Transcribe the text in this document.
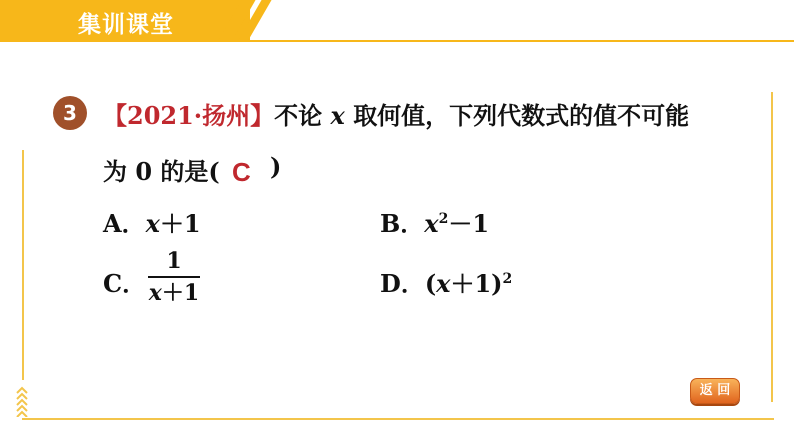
集训课堂
3	【2021·扬州】不论 x 取何值，下列代数式的值不可能
为 0 的是( C )
A．x＋1	B．$x^2-1$
C．
1
x＋1	D．$(x+1)^2$
返 回
